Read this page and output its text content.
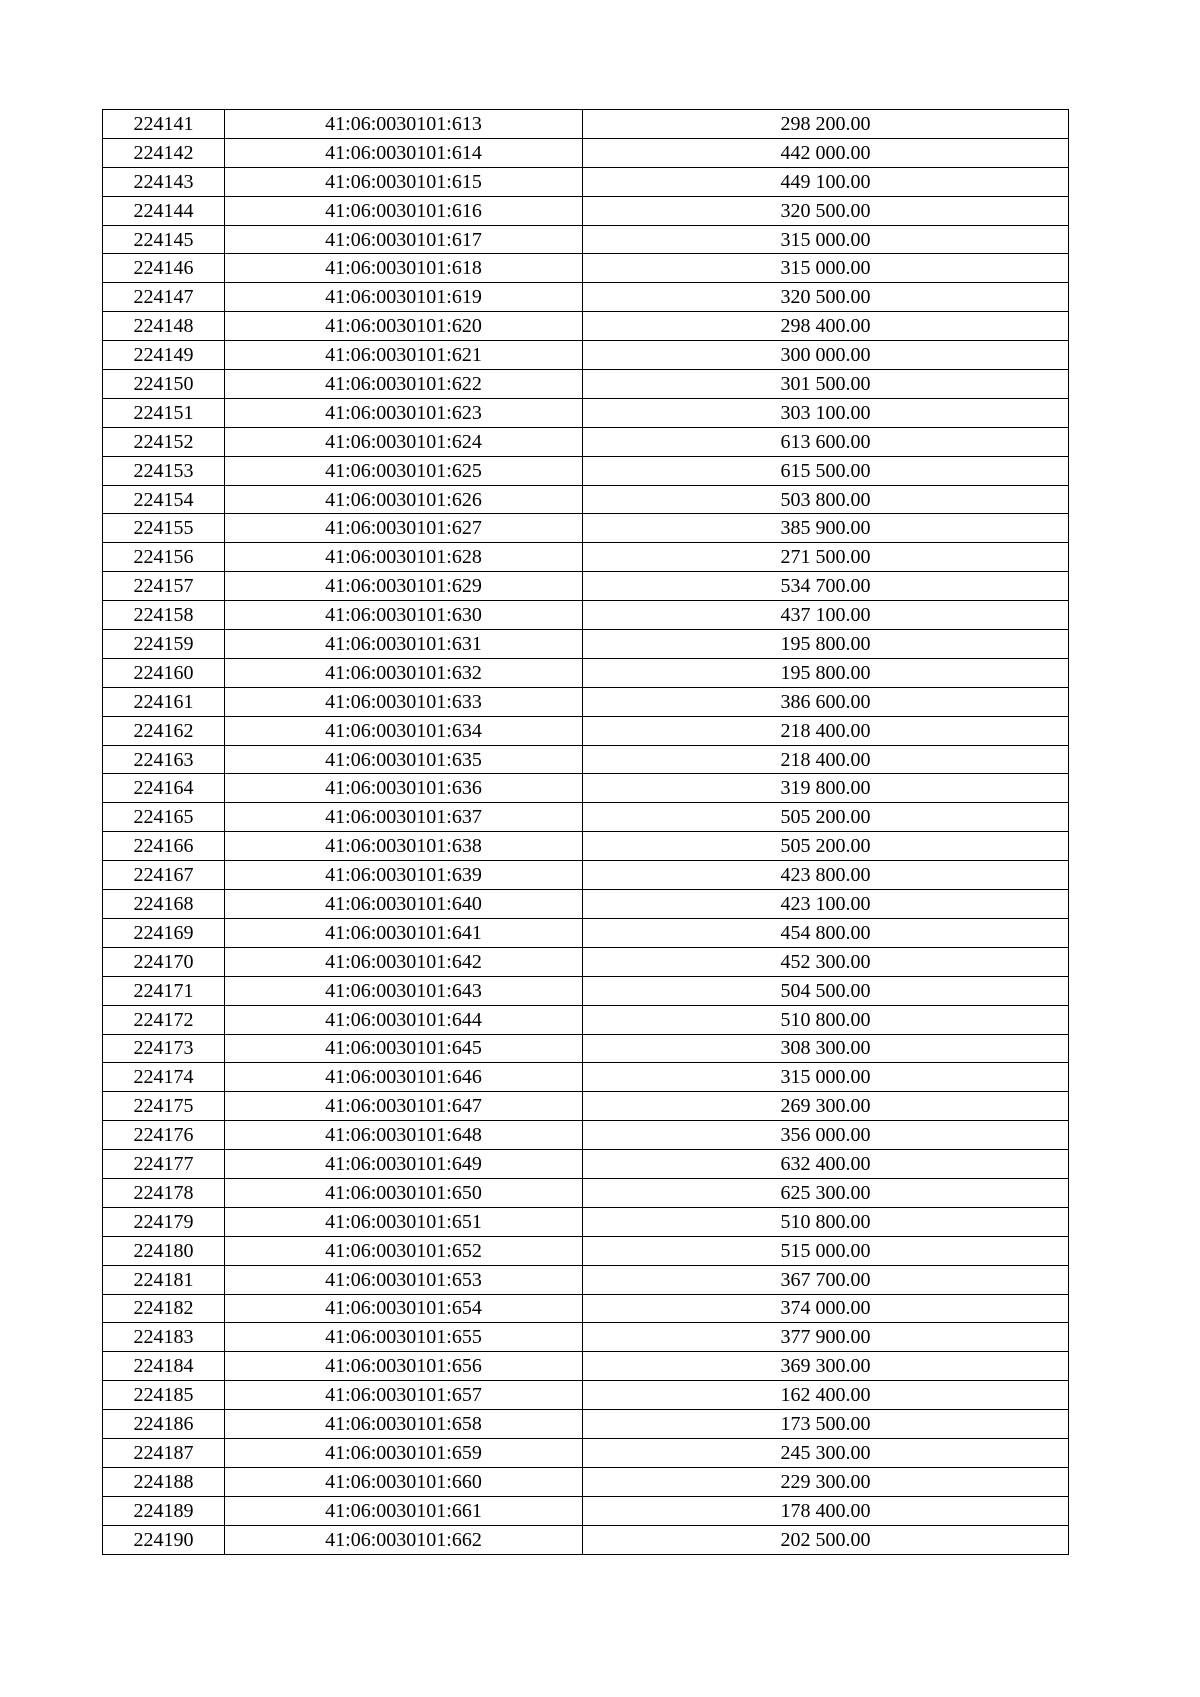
224141	41:06:0030101:613	298 200.00
224142	41:06:0030101:614	442 000.00
224143	41:06:0030101:615	449 100.00
224144	41:06:0030101:616	320 500.00
224145	41:06:0030101:617	315 000.00
224146	41:06:0030101:618	315 000.00
224147	41:06:0030101:619	320 500.00
224148	41:06:0030101:620	298 400.00
224149	41:06:0030101:621	300 000.00
224150	41:06:0030101:622	301 500.00
224151	41:06:0030101:623	303 100.00
224152	41:06:0030101:624	613 600.00
224153	41:06:0030101:625	615 500.00
224154	41:06:0030101:626	503 800.00
224155	41:06:0030101:627	385 900.00
224156	41:06:0030101:628	271 500.00
224157	41:06:0030101:629	534 700.00
224158	41:06:0030101:630	437 100.00
224159	41:06:0030101:631	195 800.00
224160	41:06:0030101:632	195 800.00
224161	41:06:0030101:633	386 600.00
224162	41:06:0030101:634	218 400.00
224163	41:06:0030101:635	218 400.00
224164	41:06:0030101:636	319 800.00
224165	41:06:0030101:637	505 200.00
224166	41:06:0030101:638	505 200.00
224167	41:06:0030101:639	423 800.00
224168	41:06:0030101:640	423 100.00
224169	41:06:0030101:641	454 800.00
224170	41:06:0030101:642	452 300.00
224171	41:06:0030101:643	504 500.00
224172	41:06:0030101:644	510 800.00
224173	41:06:0030101:645	308 300.00
224174	41:06:0030101:646	315 000.00
224175	41:06:0030101:647	269 300.00
224176	41:06:0030101:648	356 000.00
224177	41:06:0030101:649	632 400.00
224178	41:06:0030101:650	625 300.00
224179	41:06:0030101:651	510 800.00
224180	41:06:0030101:652	515 000.00
224181	41:06:0030101:653	367 700.00
224182	41:06:0030101:654	374 000.00
224183	41:06:0030101:655	377 900.00
224184	41:06:0030101:656	369 300.00
224185	41:06:0030101:657	162 400.00
224186	41:06:0030101:658	173 500.00
224187	41:06:0030101:659	245 300.00
224188	41:06:0030101:660	229 300.00
224189	41:06:0030101:661	178 400.00
224190	41:06:0030101:662	202 500.00
